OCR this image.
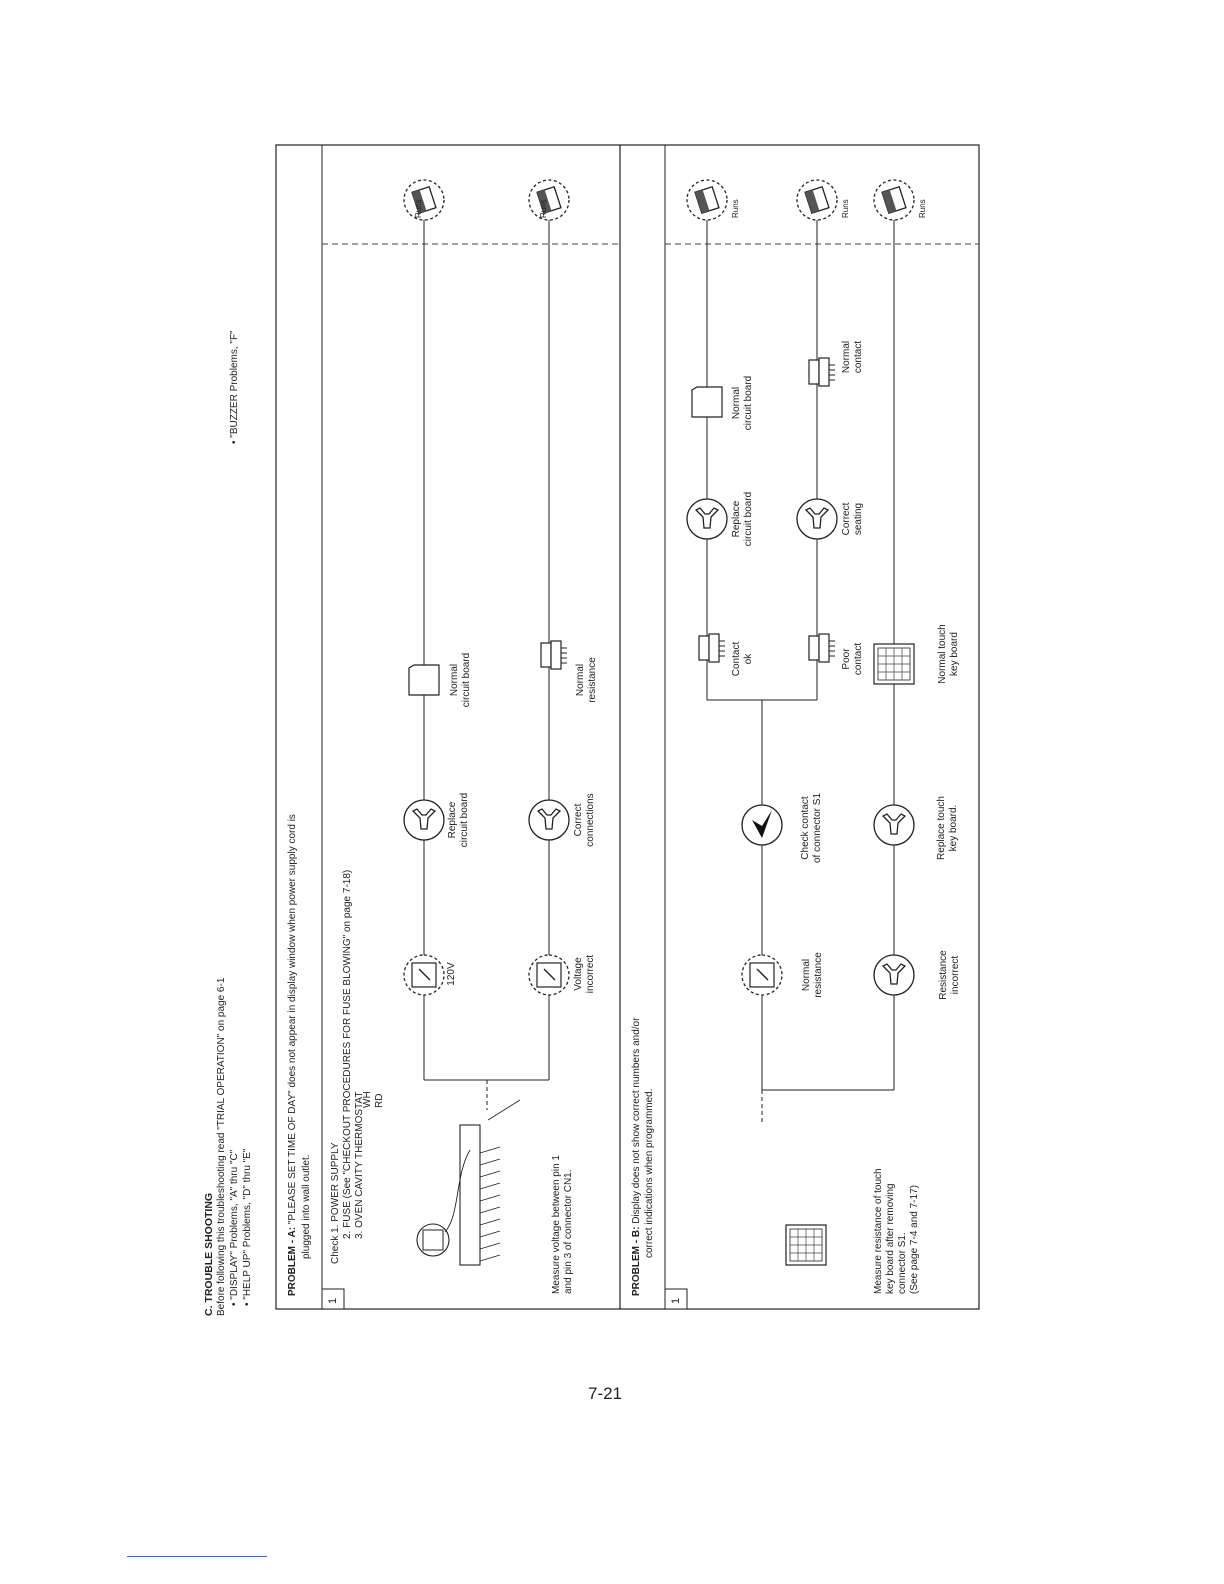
C. TROUBLE SHOOTING Before following this troubleshooting read "TRIAL OPERATION" on page 6-1 • "DISPLAY" Problems, "A" thru "C" • "HELP UP" Problems, "D" thru "E"
• "BUZZER Problems, "F"
PROBLEM - A: "PLEASE SET TIME OF DAY" does not appear in display window when power supply cord is plugged into wall outlet.
1
Check 1. POWER SUPPLY 2. FUSE (See "CHECKOUT PROCEDURES FOR FUSE BLOWING" on page 7-18) 3. OVEN CAVITY THERMOSTAT
WH RD
Measure voltage between pin 1 and pin 3 of connector CN1.
120V	Voltage
incorrect
Replace
circuit board	Correct
connections
Normal
circuit board	Normal
resistance
Runs	Runs
PROBLEM - B: Display does not show correct numbers and/or correct indications when programmed.
1
Measure resistance of touch key board after removing connector S1. (See page 7-4 and 7-17)
Normal
resistance	Resistance
incorrect
Check contact
of connector S1
Replace touch
key board.
Contact
ok	Poor
contact	Normal touch
key board
Replace
circuit board	Correct
seating
Normal
circuit board
Normal
contact
Runs	Runs	Runs
7-21
